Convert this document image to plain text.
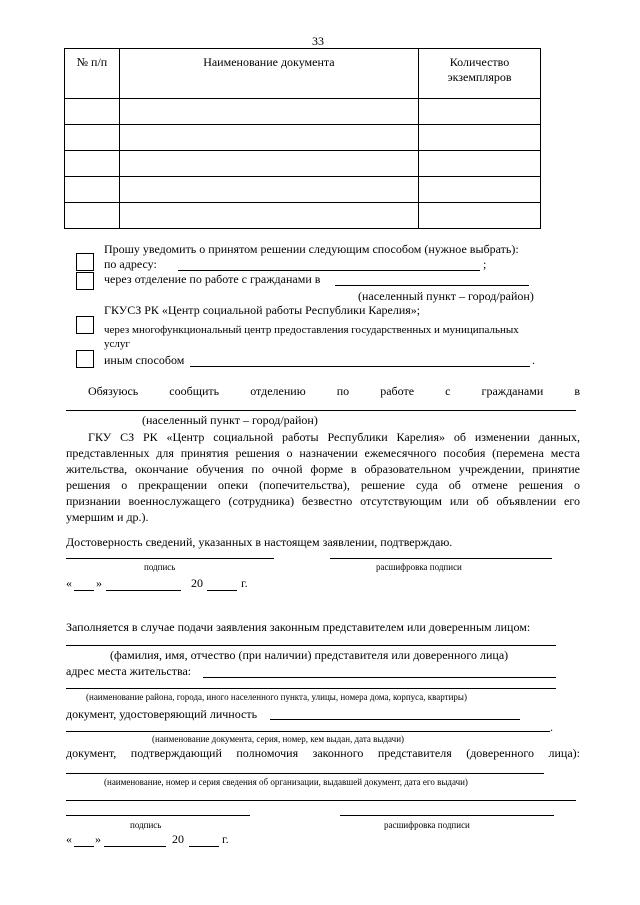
33
№ п/п	Наименование документа	Количество экземпляров

Прошу уведомить о принятом решении следующим способом (нужное выбрать):
по адресу:	;
через отделение по работе с гражданами в
(населенный пункт – город/район)
ГКУСЗ РК «Центр социальной работы Республики Карелия»;
через многофункциональный центр предоставления государственных и муниципальных
услуг
иным способом	.
Обязуюсь сообщить отделению по работе с гражданами в
(населенный пункт – город/район)
ГКУ СЗ РК «Центр социальной работы Республики Карелия» об изменении данных,
представленных для принятия решения о назначении ежемесячного пособия (перемена места
жительства, окончание обучения по очной форме в образовательном учреждении, принятие
решения о прекращении опеки (попечительства), решение суда об отмене решения о
признании военнослужащего (сотрудника) безвестно отсутствующим или об объявлении его
умершим и др.).
Достоверность сведений, указанных в настоящем заявлении, подтверждаю.
подпись	расшифровка подписи
« »	20	г.
Заполняется в случае подачи заявления законным представителем или доверенным лицом:
(фамилия, имя, отчество (при наличии) представителя или доверенного лица)
адрес места жительства:
(наименование района, города, иного населенного пункта, улицы, номера дома, корпуса, квартиры)
документ, удостоверяющий личность
.
(наименование документа, серия, номер, кем выдан, дата выдачи)
документ, подтверждающий полномочия законного представителя (доверенного лица):
(наименование, номер и серия сведения об организации, выдавшей документ, дата его выдачи)
подпись	расшифровка подписи
« »	20	г.
